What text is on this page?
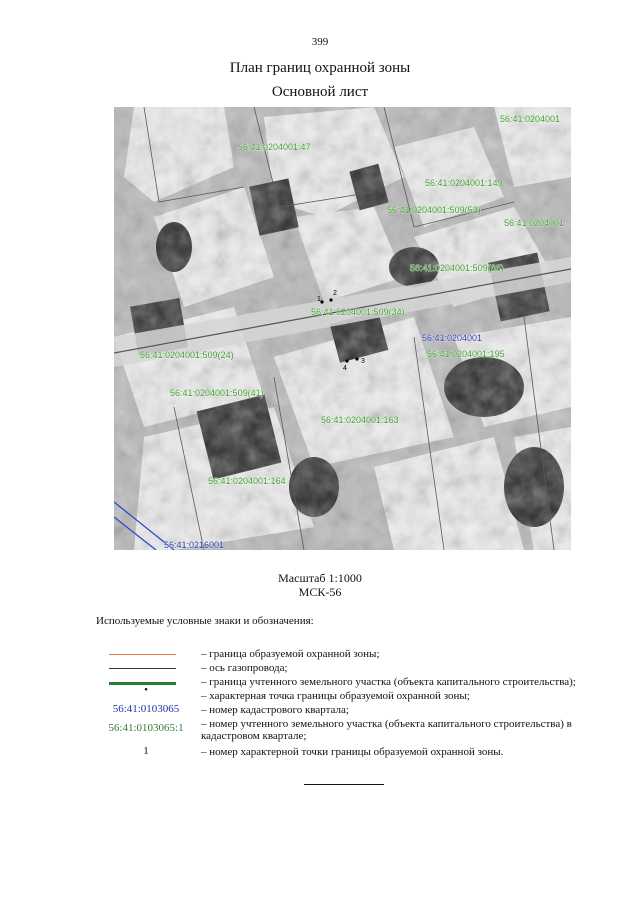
399
План границ охранной зоны
Основной лист
1
2
3
4
56:41:0204001:47
56:41:0204001
56:41:0204001:149
56:41:0204001:509(53)
56:41:0204001
56:41:0204001:509(66)
56:41:0204001:509(34)
56:41:0204001
56:41:0204001:195
56:41:0204001:509(24)
56:41:0204001:509(41)
56:41:0204001:163
56:41:0204001:164
56:41:0216001
Масштаб 1:1000
МСК-56
Используемые условные знаки и обозначения:
– граница образуемой охранной зоны;
– ось газопровода;
– граница учтенного земельного участка (объекта капитального строительства);
•	– характерная точка границы образуемой охранной зоны;
56:41:0103065	– номер кадастрового квартала;
56:41:0103065:1	– номер учтенного земельного участка (объекта капитального строительства) в кадастровом квартале;
1	– номер характерной точки границы образуемой охранной зоны.
